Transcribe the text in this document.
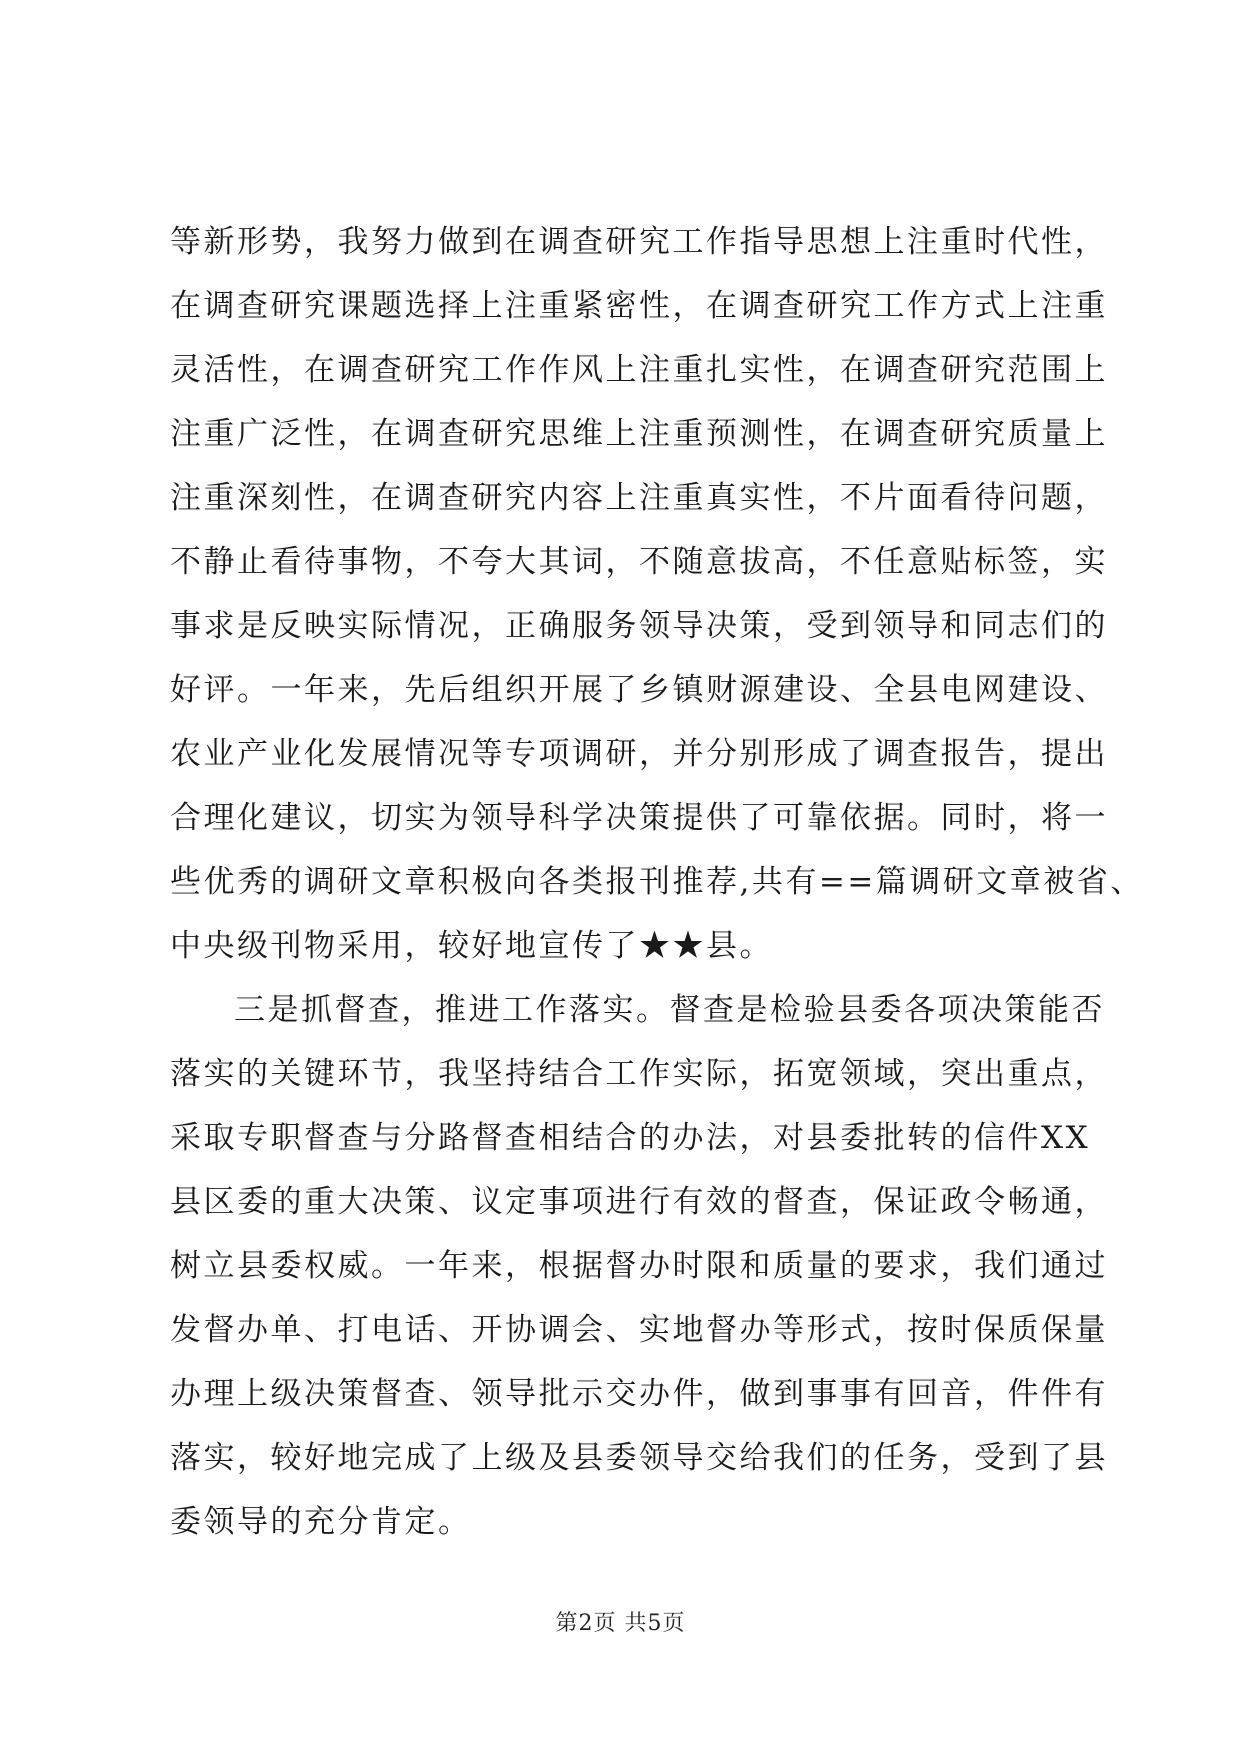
等新形势，我努力做到在调查研究工作指导思想上注重时代性，
在调查研究课题选择上注重紧密性，在调查研究工作方式上注重
灵活性，在调查研究工作作风上注重扎实性，在调查研究范围上
注重广泛性，在调查研究思维上注重预测性，在调查研究质量上
注重深刻性，在调查研究内容上注重真实性，不片面看待问题，
不静止看待事物，不夸大其词，不随意拔高，不任意贴标签，实
事求是反映实际情况，正确服务领导决策，受到领导和同志们的
好评。一年来，先后组织开展了乡镇财源建设、全县电网建设、
农业产业化发展情况等专项调研，并分别形成了调查报告，提出
合理化建议，切实为领导科学决策提供了可靠依据。同时，将一
些优秀的调研文章积极向各类报刊推荐,共有==篇调研文章被省、
中央级刊物采用，较好地宣传了★★县。
三是抓督查，推进工作落实。督查是检验县委各项决策能否
落实的关键环节，我坚持结合工作实际，拓宽领域，突出重点，
采取专职督查与分路督查相结合的办法，对县委批转的信件XX
县区委的重大决策、议定事项进行有效的督查，保证政令畅通，
树立县委权威。一年来，根据督办时限和质量的要求，我们通过
发督办单、打电话、开协调会、实地督办等形式，按时保质保量
办理上级决策督查、领导批示交办件，做到事事有回音，件件有
落实，较好地完成了上级及县委领导交给我们的任务，受到了县
委领导的充分肯定。
第2页 共5页
